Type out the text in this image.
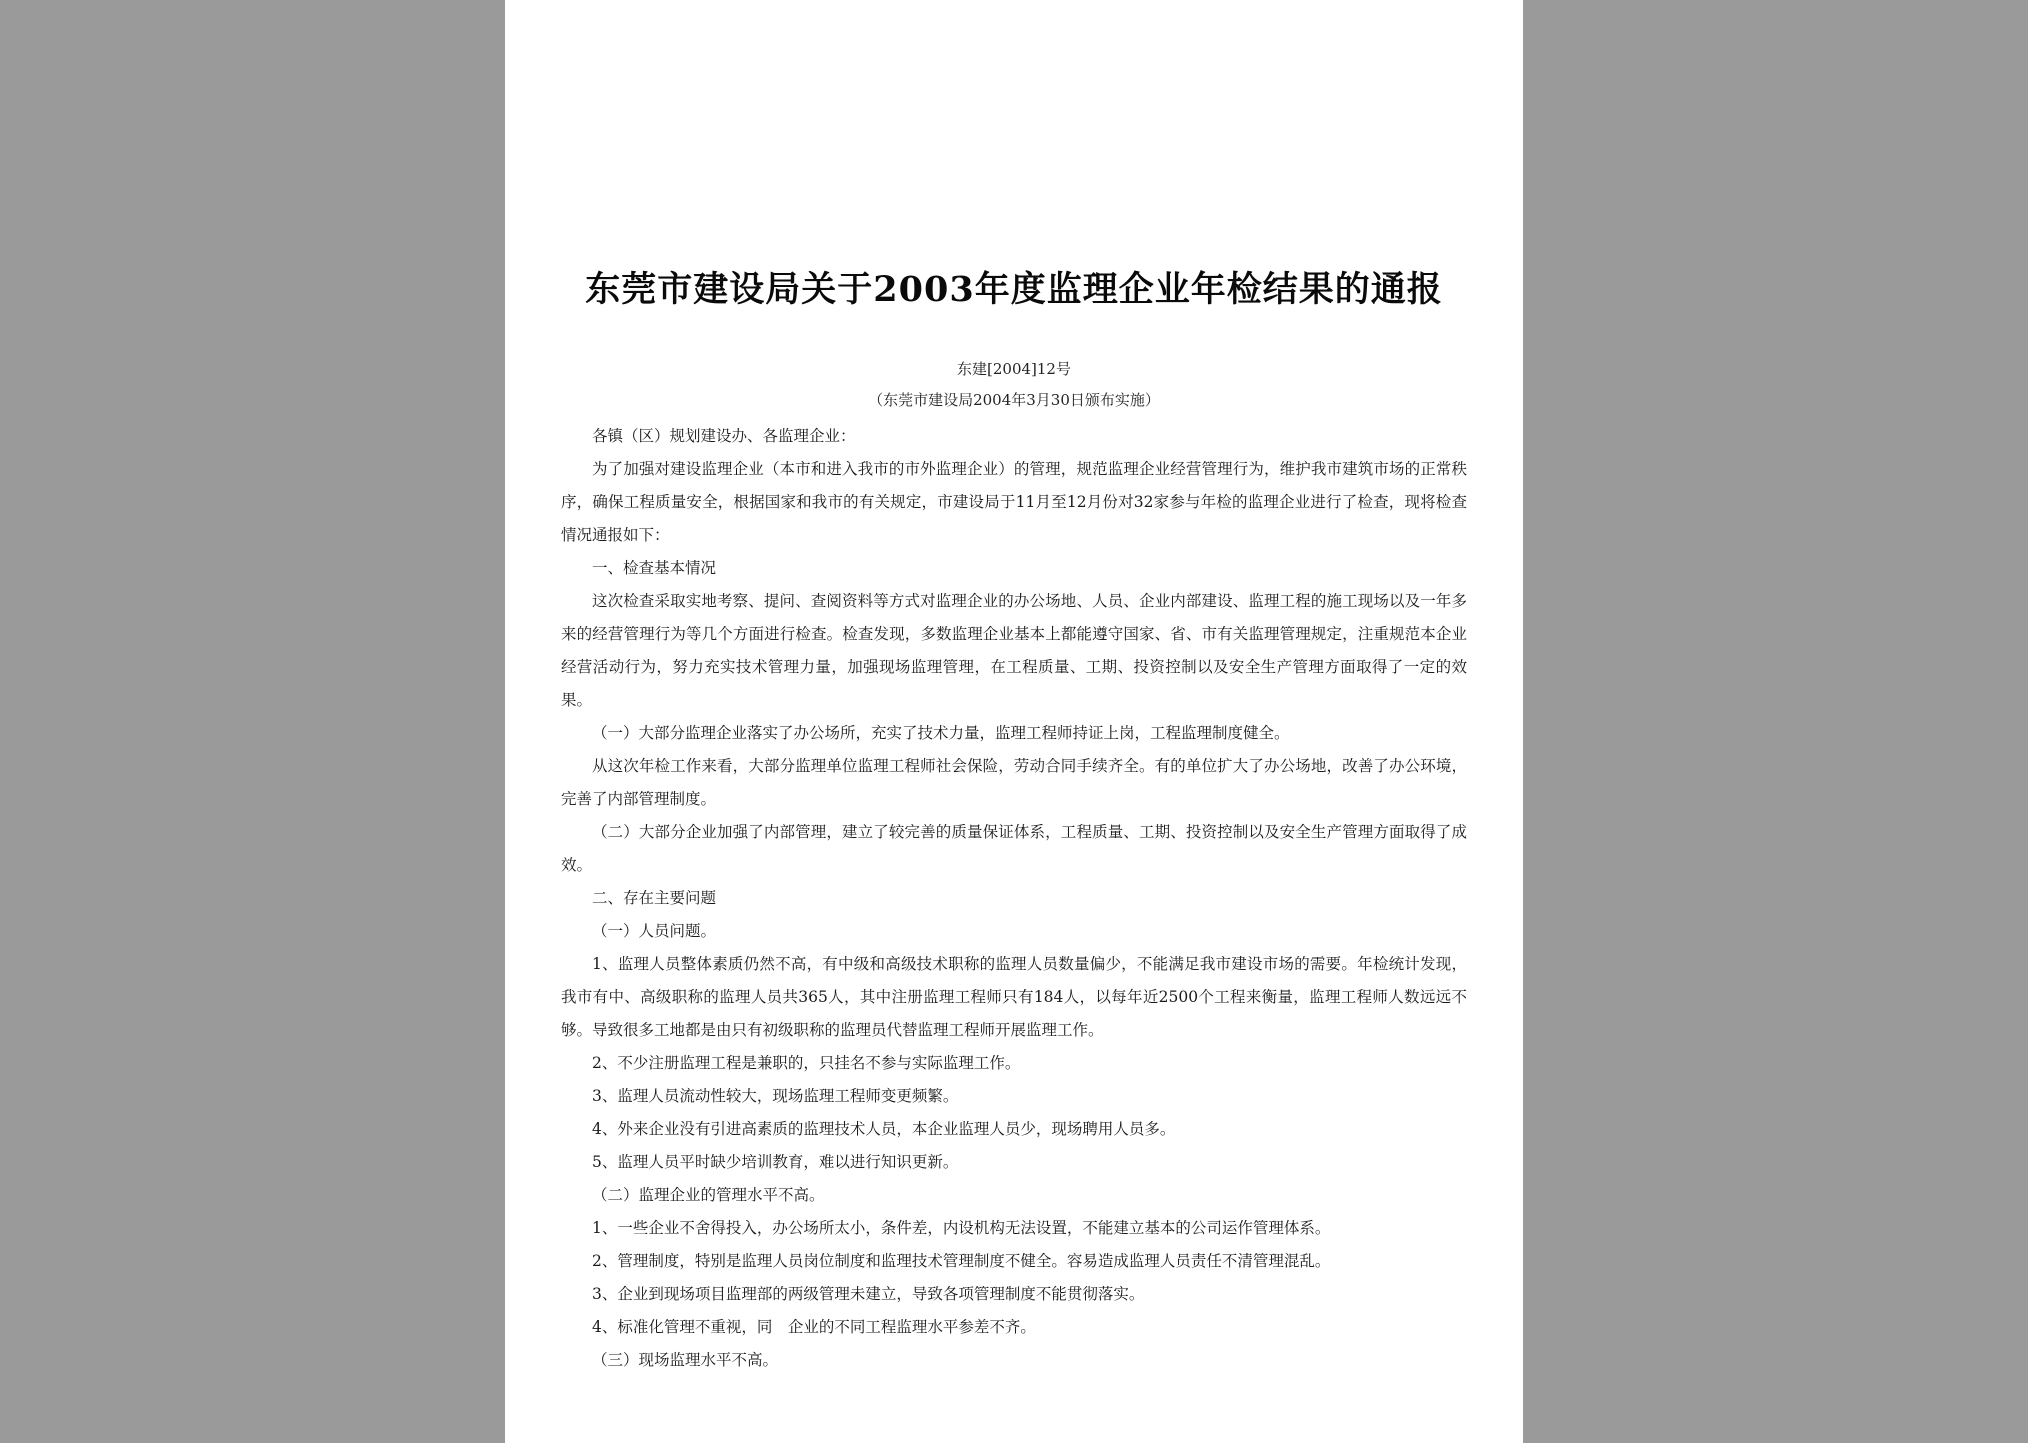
东莞市建设局关于2003年度监理企业年检结果的通报
东建[2004]12号
（东莞市建设局2004年3月30日颁布实施）

各镇（区）规划建设办、各监理企业：

为了加强对建设监理企业（本市和进入我市的市外监理企业）的管理，规范监理企业经营管理行为，维护我市建筑市场的正常秩序，确保工程质量安全，根据国家和我市的有关规定，市建设局于11月至12月份对32家参与年检的监理企业进行了检查，现将检查情况通报如下：

一、检查基本情况

这次检查采取实地考察、提问、查阅资料等方式对监理企业的办公场地、人员、企业内部建设、监理工程的施工现场以及一年多来的经营管理行为等几个方面进行检查。检查发现，多数监理企业基本上都能遵守国家、省、市有关监理管理规定，注重规范本企业经营活动行为，努力充实技术管理力量，加强现场监理管理，在工程质量、工期、投资控制以及安全生产管理方面取得了一定的效果。

（一）大部分监理企业落实了办公场所，充实了技术力量，监理工程师持证上岗，工程监理制度健全。

从这次年检工作来看，大部分监理单位监理工程师社会保险，劳动合同手续齐全。有的单位扩大了办公场地，改善了办公环境，完善了内部管理制度。

（二）大部分企业加强了内部管理，建立了较完善的质量保证体系，工程质量、工期、投资控制以及安全生产管理方面取得了成效。

二、存在主要问题

（一）人员问题。

1、监理人员整体素质仍然不高，有中级和高级技术职称的监理人员数量偏少，不能满足我市建设市场的需要。年检统计发现，我市有中、高级职称的监理人员共365人，其中注册监理工程师只有184人，以每年近2500个工程来衡量，监理工程师人数远远不够。导致很多工地都是由只有初级职称的监理员代替监理工程师开展监理工作。

2、不少注册监理工程是兼职的，只挂名不参与实际监理工作。

3、监理人员流动性较大，现场监理工程师变更频繁。

4、外来企业没有引进高素质的监理技术人员，本企业监理人员少，现场聘用人员多。

5、监理人员平时缺少培训教育，难以进行知识更新。

（二）监理企业的管理水平不高。

1、一些企业不舍得投入，办公场所太小，条件差，内设机构无法设置，不能建立基本的公司运作管理体系。

2、管理制度，特别是监理人员岗位制度和监理技术管理制度不健全。容易造成监理人员责任不清管理混乱。

3、企业到现场项目监理部的两级管理未建立，导致各项管理制度不能贯彻落实。

4、标准化管理不重视，同　企业的不同工程监理水平参差不齐。

（三）现场监理水平不高。
